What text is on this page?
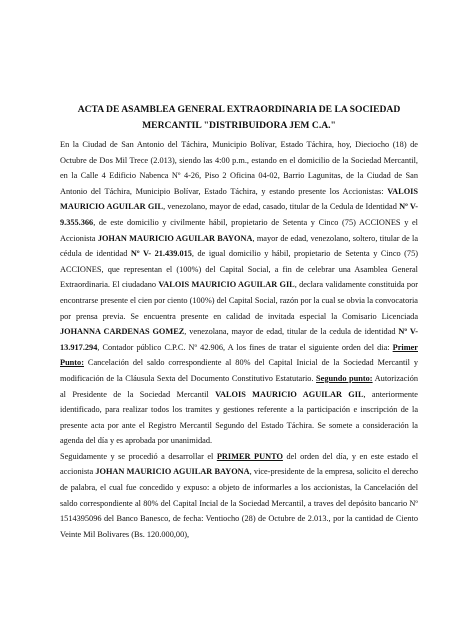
ACTA DE ASAMBLEA GENERAL EXTRAORDINARIA DE LA SOCIEDAD

MERCANTIL "DISTRIBUIDORA JEM C.A."

En la Ciudad de San Antonio del Táchira, Municipio Bolívar, Estado Táchira, hoy, Dieciocho (18) de Octubre de Dos Mil Trece (2.013), siendo las 4:00 p.m., estando en el domicilio de la Sociedad Mercantil, en la Calle 4 Edificio Nabenca Nº 4-26, Piso 2 Oficina 04-02, Barrio Lagunitas, de la Ciudad de San Antonio del Táchira, Municipio Bolívar, Estado Táchira, y estando presente los Accionistas: VALOIS MAURICIO AGUILAR GIL, venezolano, mayor de edad, casado, titular de la Cedula de Identidad Nº V- 9.355.366, de este domicilio y civilmente hábil, propietario de Setenta y Cinco (75) ACCIONES y el Accionista JOHAN MAURICIO AGUILAR BAYONA, mayor de edad, venezolano, soltero, titular de la cédula de identidad Nº V- 21.439.015, de igual domicilio y hábil, propietario de Setenta y Cinco (75) ACCIONES, que representan el (100%) del Capital Social, a fin de celebrar una Asamblea General Extraordinaria. El ciudadano VALOIS MAURICIO AGUILAR GIL, declara validamente constituida por encontrarse presente el cien por ciento (100%) del Capital Social, razón por la cual se obvia la convocatoria por prensa previa. Se encuentra presente en calidad de invitada especial la Comisario Licenciada JOHANNA CARDENAS GOMEZ, venezolana, mayor de edad, titular de la cedula de identidad Nº V- 13.917.294, Contador público C.P.C. Nº 42.906, A los fines de tratar el siguiente orden del dia: Primer Punto: Cancelación del saldo correspondiente al 80% del Capital Inicial de la Sociedad Mercantil y modificación de la Cláusula Sexta del Documento Constitutivo Estatutario. Segundo punto: Autorización al Presidente de la Sociedad Mercantil VALOIS MAURICIO AGUILAR GIL, anteriormente identificado, para realizar todos los tramites y gestiones referente a la participación e inscripción de la presente acta por ante el Registro Mercantil Segundo del Estado Táchira. Se somete a consideración la agenda del día y es aprobada por unanimidad.

Seguidamente y se procedió a desarrollar el PRIMER PUNTO del orden del día, y en este estado el accionista JOHAN MAURICIO AGUILAR BAYONA, vice-presidente de la empresa, solicito el derecho de palabra, el cual fue concedido y expuso: a objeto de informarles a los accionistas, la Cancelación del saldo correspondiente al 80% del Capital Incial de la Sociedad Mercantil, a traves del depósito bancario Nº 1514395096 del Banco Banesco, de fecha: Ventiocho (28) de Octubre de 2.013., por la cantidad de Ciento Veinte Mil Bolivares (Bs. 120.000,00),
